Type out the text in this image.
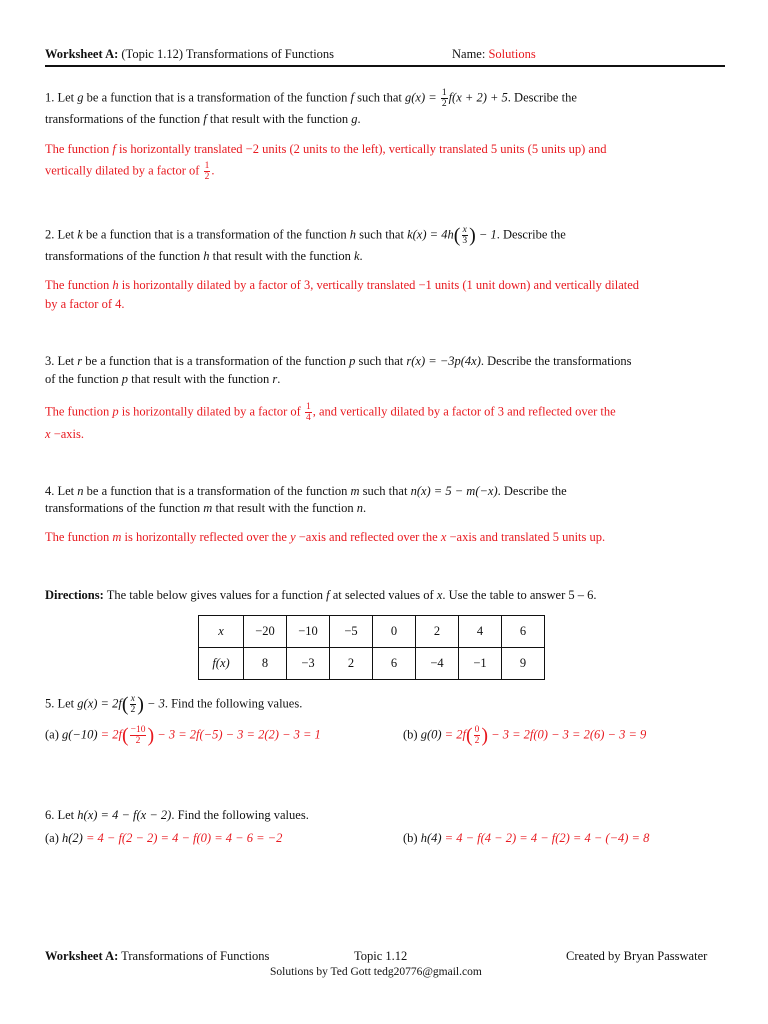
Worksheet A: (Topic 1.12) Transformations of Functions	Name: Solutions
1. Let g be a function that is a transformation of the function f such that $g(x) = \frac{1}{2} f(x + 2) + 5$. Describe the
transformations of the function f that result with the function g.
The function f is horizontally translated −2 units (2 units to the left), vertically translated 5 units (5 units up) and
vertically dilated by a factor of $\frac{1}{2}$ .
2. Let k be a function that is a transformation of the function h such that $k(x) = 4h( \frac{x}{3}$ ) − 1. Describe the
transformations of the function h that result with the function k.
The function h is horizontally dilated by a factor of 3, vertically translated −1 units (1 unit down) and vertically dilated
by a factor of 4.
3. Let r be a function that is a transformation of the function p such that r(x) = −3p(4x). Describe the transformations
of the function p that result with the function r.
The function p is horizontally dilated by a factor of $\frac{1}{4}$ , and vertically dilated by a factor of 3 and reflected over the
x −axis.
4. Let n be a function that is a transformation of the function m such that n(x) = 5 − m(−x). Describe the
transformations of the function m that result with the function n.
The function m is horizontally reflected over the y −axis and reflected over the x −axis and translated 5 units up.
Directions: The table below gives values for a function f at selected values of x. Use the table to answer 5 – 6.
x	−20	−10	−5	0	2	4	6
f(x)	8	−3	2	6	−4	−1	9
5. Let $g(x) = 2f( \frac{x}{2}$ ) − 3. Find the following values.
(a) $g(-10) = 2f( \frac{-10}{2}$ ) − 3 = 2f(−5) − 3 = 2(2) − 3 = 1	(b) $g(0) = 2f( \frac{0}{2}$ ) − 3 = 2f(0) − 3 = 2(6) − 3 = 9
6. Let h(x) = 4 − f(x − 2). Find the following values.
(a) h(2) = 4 − f(2 − 2) = 4 − f(0) = 4 − 6 = −2	(b) h(4) = 4 − f(4 − 2) = 4 − f(2) = 4 − (−4) = 8
Worksheet A: Transformations of Functions	Topic 1.12	Created by Bryan Passwater
Solutions by Ted Gott tedg20776@gmail.com
